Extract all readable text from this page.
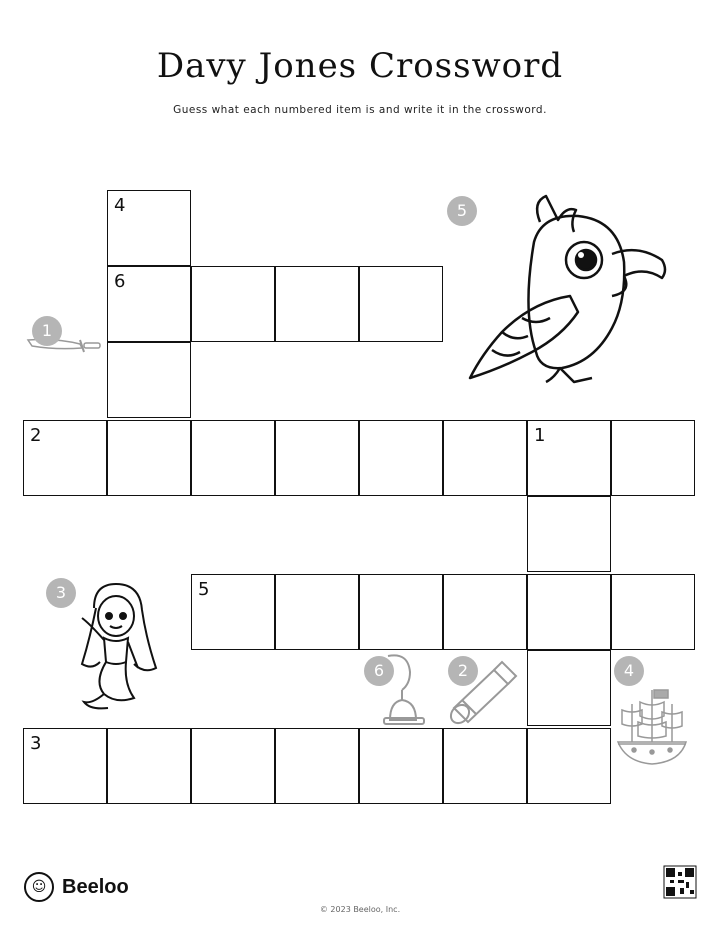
Davy Jones Crossword
Guess what each numbered item is and write it in the crossword.
4
6
2	1
5
3
1
5
3
6	2	4
☺ Beeloo
© 2023 Beeloo, Inc.
